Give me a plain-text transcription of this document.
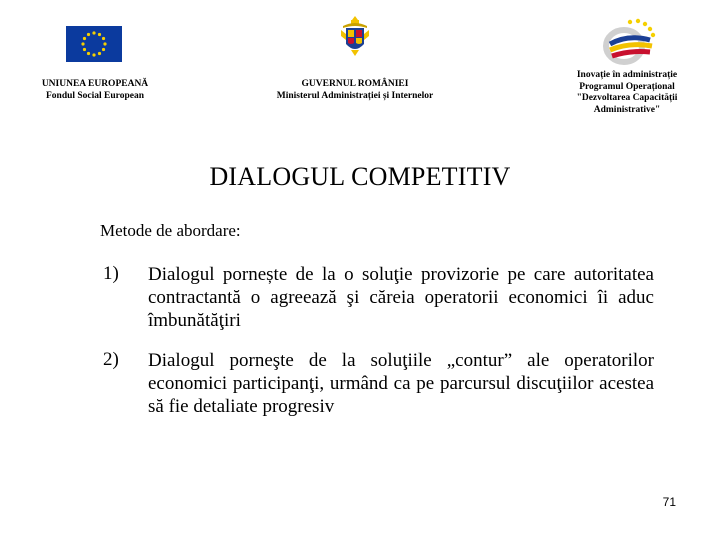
UNIUNEA EUROPEANĂ
Fondul Social European
GUVERNUL ROMÂNIEI
Ministerul Administrației și Internelor
Inovație în administrație
Programul Operațional
"Dezvoltarea Capacității
Administrative"
DIALOGUL COMPETITIV
Metode de abordare:
1) Dialogul pornește de la o soluţie provizorie pe care autoritatea contractantă o agreează şi căreia operatorii economici îi aduc îmbunătăţiri
2) Dialogul porneşte de la soluţiile „contur” ale operatorilor economici participanţi, urmând ca pe parcursul discuţiilor acestea să fie detaliate progresiv
71
